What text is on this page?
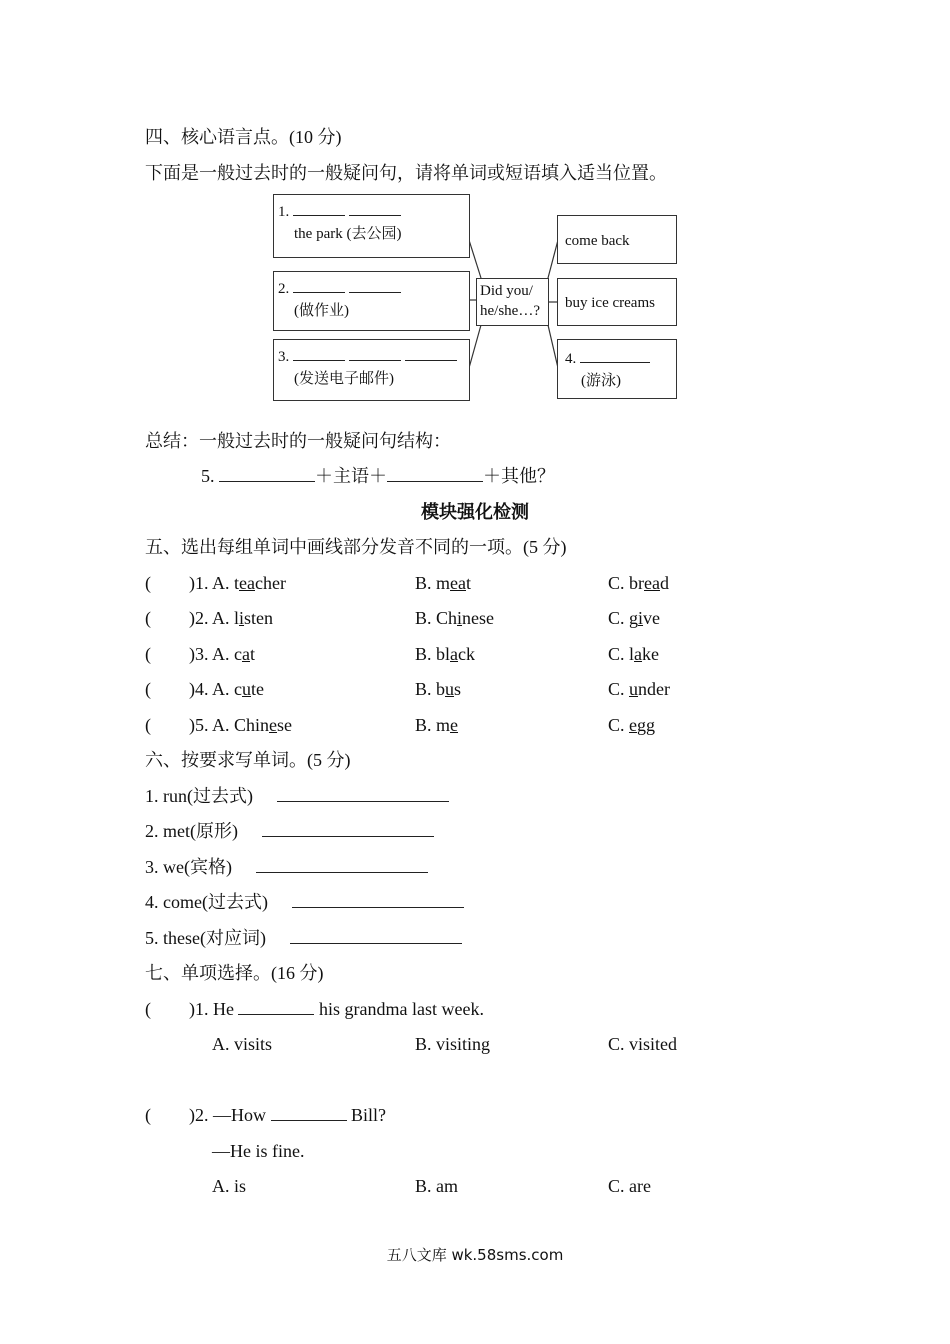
四、核心语言点。(10 分)
下面是一般过去时的一般疑问句，请将单词或短语填入适当位置。
1.
the park (去公园)
2.
(做作业)
3.
(发送电子邮件)
Did you/
he/she…?
come back
buy ice creams
4.
(游泳)
总结：一般过去时的一般疑问句结构：
5.	＋主语＋	＋其他？
模块强化检测
五、选出每组单词中画线部分发音不同的一项。(5 分)
( )1. A. teacher	B. meat	C. bread
( )2. A. listen	B. Chinese	C. give
( )3. A. cat	B. black	C. lake
( )4. A. cute	B. bus	C. under
( )5. A. Chinese	B. me	C. egg
六、按要求写单词。(5 分)
1. run(过去式)
2. met(原形)
3. we(宾格)
4. come(过去式)
5. these(对应词)
七、单项选择。(16 分)
( )1. He	his grandma last week.
A. visits	B. visiting	C. visited
( )2. —How	Bill?
—He is fine.
A. is	B. am	C. are
五八文库 wk.58sms.com
